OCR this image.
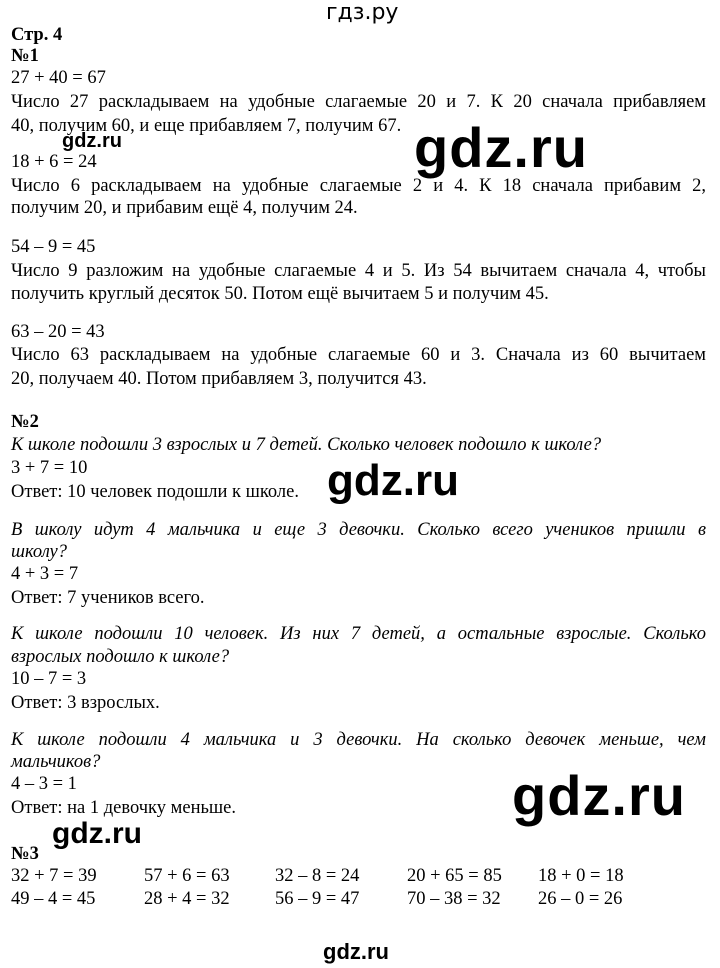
гдз.ру
Стр. 4
№1
27 + 40 = 67
Число 27 раскладываем на удобные слагаемые 20 и 7. К 20 сначала прибавляем
40, получим 60, и еще прибавляем 7, получим 67.
18 + 6 = 24
Число 6 раскладываем на удобные слагаемые 2 и 4. К 18 сначала прибавим 2,
получим 20, и прибавим ещё 4, получим 24.
54 – 9 = 45
Число 9 разложим на удобные слагаемые 4 и 5. Из 54 вычитаем сначала 4, чтобы
получить круглый десяток 50. Потом ещё вычитаем 5 и получим 45.
63 – 20 = 43
Число 63 раскладываем на удобные слагаемые 60 и 3. Сначала из 60 вычитаем
20, получаем 40. Потом прибавляем 3, получится 43.
№2
К школе подошли 3 взрослых и 7 детей. Сколько человек подошло к школе?
3 + 7 = 10
Ответ: 10 человек подошли к школе.
В школу идут 4 мальчика и еще 3 девочки. Сколько всего учеников пришли в
школу?
4 + 3 = 7
Ответ: 7 учеников всего.
К школе подошли 10 человек. Из них 7 детей, а остальные взрослые. Сколько
взрослых подошло к школе?
10 – 7 = 3
Ответ: 3 взрослых.
К школе подошли 4 мальчика и 3 девочки. На сколько девочек меньше, чем
мальчиков?
4 – 3 = 1
Ответ: на 1 девочку меньше.
№3
32 + 7 = 39	57 + 6 = 63 32 – 8 = 24	20 + 65 = 85 18 + 0 = 18
49 – 4 = 45	28 + 4 = 32 56 – 9 = 47	70 – 38 = 32 26 – 0 = 26
gdz.ru	gdz.ru
gdz.ru
gdz.ru
gdz.ru
gdz.ru
